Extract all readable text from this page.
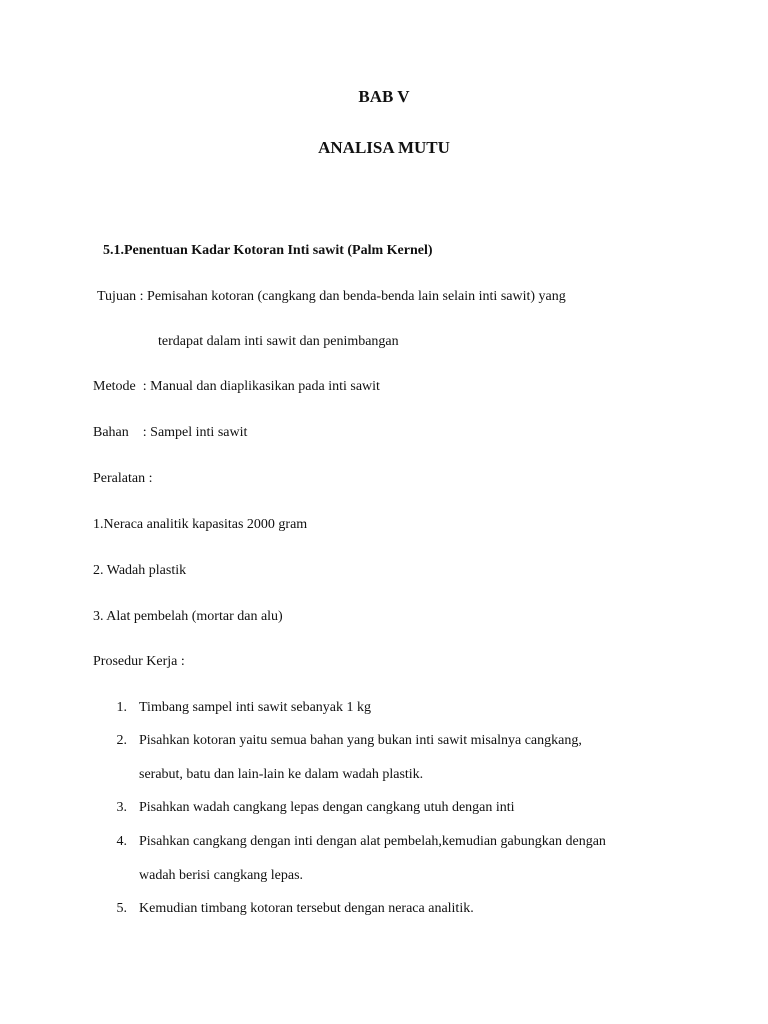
BAB V
ANALISA MUTU
5.1.Penentuan Kadar Kotoran Inti sawit (Palm Kernel)
Tujuan : Pemisahan kotoran (cangkang dan benda-benda lain selain inti sawit) yang
terdapat dalam inti sawit dan penimbangan
Metode  : Manual dan diaplikasikan pada inti sawit
Bahan    : Sampel inti sawit
Peralatan :
1.Neraca analitik kapasitas 2000 gram
2. Wadah plastik
3. Alat pembelah (mortar dan alu)
Prosedur Kerja :
1. Timbang sampel inti sawit sebanyak 1 kg
2. Pisahkan kotoran yaitu semua bahan yang bukan inti sawit misalnya cangkang,
serabut, batu dan lain-lain ke dalam wadah plastik.
3. Pisahkan wadah cangkang lepas dengan cangkang utuh dengan inti
4. Pisahkan cangkang dengan inti dengan alat pembelah,kemudian gabungkan dengan
wadah berisi cangkang lepas.
5. Kemudian timbang kotoran tersebut dengan neraca analitik.
